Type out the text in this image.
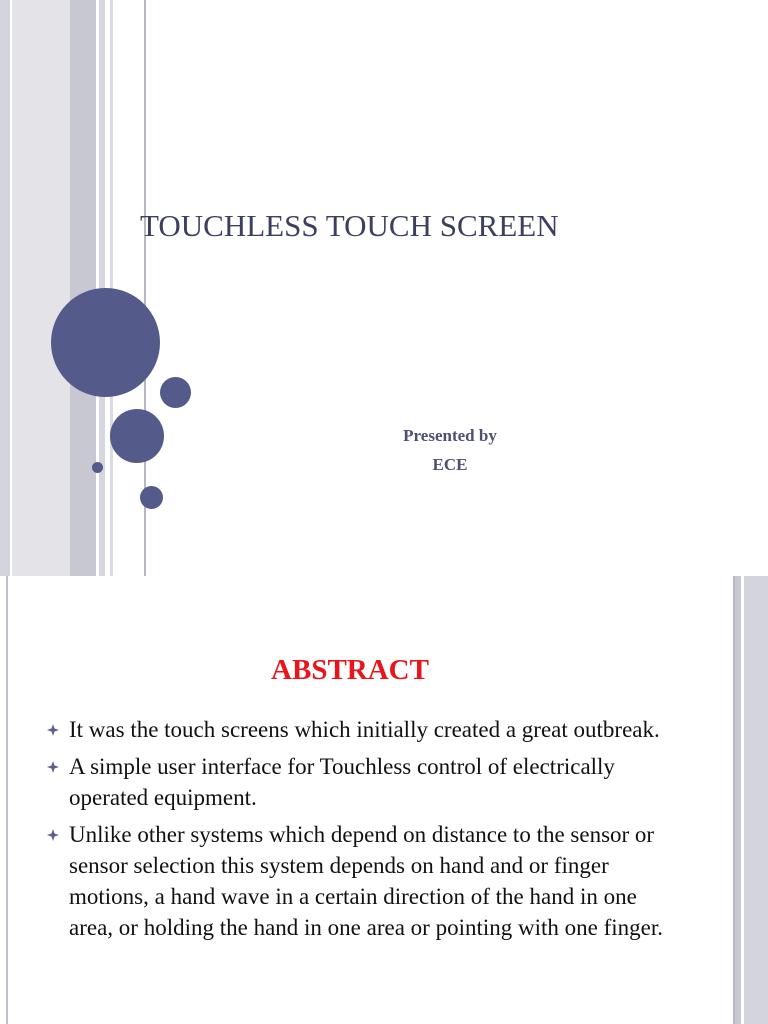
TOUCHLESS TOUCH SCREEN
Presented by
ECE
ABSTRACT
It was the touch screens which initially created a great outbreak.
A simple user interface for Touchless control of electrically operated equipment.
Unlike other systems which depend on distance to the sensor or sensor selection this system depends on hand and or finger motions, a hand wave in a certain direction of the hand in one area, or holding the hand in one area or pointing with one finger.
